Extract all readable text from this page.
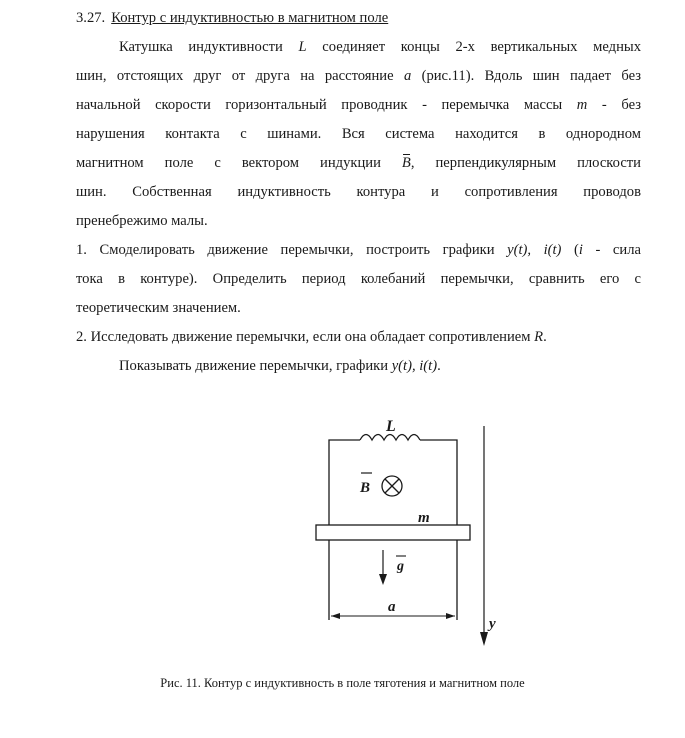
3.27. Контур с индуктивностью в магнитном поле
Катушка индуктивности L соединяет концы 2-х вертикальных медных
шин, отстоящих друг от друга на расстояние a (рис.11). Вдоль шин падает без
начальной скорости горизонтальный проводник - перемычка массы m - без
нарушения контакта с шинами. Вся система находится в однородном
магнитном поле с вектором индукции B, перпендикулярным плоскости
шин. Собственная индуктивность контура и сопротивления проводов
пренебрежимо малы.
1. Смоделировать движение перемычки, построить графики y(t), i(t) (i - сила
тока в контуре). Определить период колебаний перемычки, сравнить его с
теоретическим значением.
2. Исследовать движение перемычки, если она обладает сопротивлением R.
Показывать движение перемычки, графики y(t), i(t).
L
B
m
g
a
y
Рис. 11. Контур с индуктивность в поле тяготения и магнитном поле
